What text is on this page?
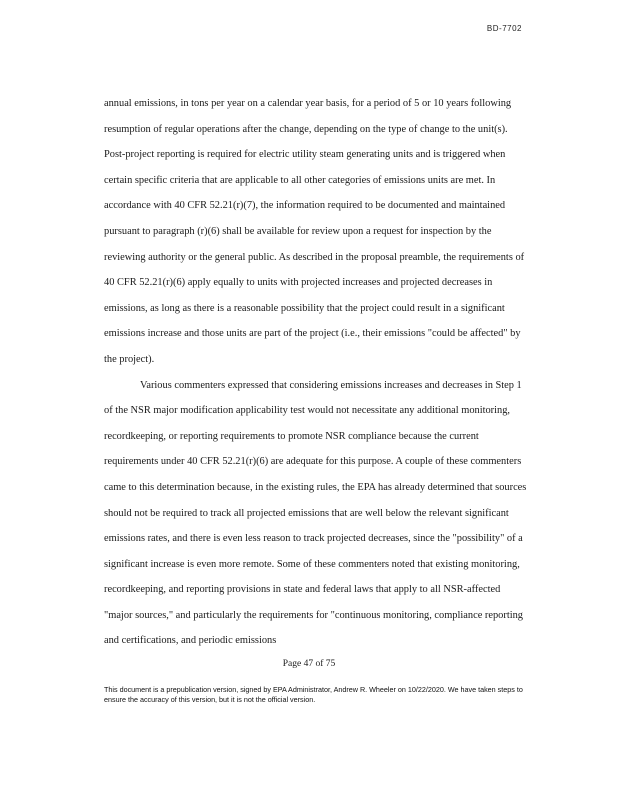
BD-7702

annual emissions, in tons per year on a calendar year basis, for a period of 5 or 10 years following resumption of regular operations after the change, depending on the type of change to the unit(s). Post-project reporting is required for electric utility steam generating units and is triggered when certain specific criteria that are applicable to all other categories of emissions units are met. In accordance with 40 CFR 52.21(r)(7), the information required to be documented and maintained pursuant to paragraph (r)(6) shall be available for review upon a request for inspection by the reviewing authority or the general public. As described in the proposal preamble, the requirements of 40 CFR 52.21(r)(6) apply equally to units with projected increases and projected decreases in emissions, as long as there is a reasonable possibility that the project could result in a significant emissions increase and those units are part of the project (i.e., their emissions "could be affected" by the project).

Various commenters expressed that considering emissions increases and decreases in Step 1 of the NSR major modification applicability test would not necessitate any additional monitoring, recordkeeping, or reporting requirements to promote NSR compliance because the current requirements under 40 CFR 52.21(r)(6) are adequate for this purpose. A couple of these commenters came to this determination because, in the existing rules, the EPA has already determined that sources should not be required to track all projected emissions that are well below the relevant significant emissions rates, and there is even less reason to track projected decreases, since the "possibility" of a significant increase is even more remote. Some of these commenters noted that existing monitoring, recordkeeping, and reporting provisions in state and federal laws that apply to all NSR-affected "major sources," and particularly the requirements for "continuous monitoring, compliance reporting and certifications, and periodic emissions

Page 47 of 75
This document is a prepublication version, signed by EPA Administrator, Andrew R. Wheeler on 10/22/2020. We have taken steps to ensure the accuracy of this version, but it is not the official version.
